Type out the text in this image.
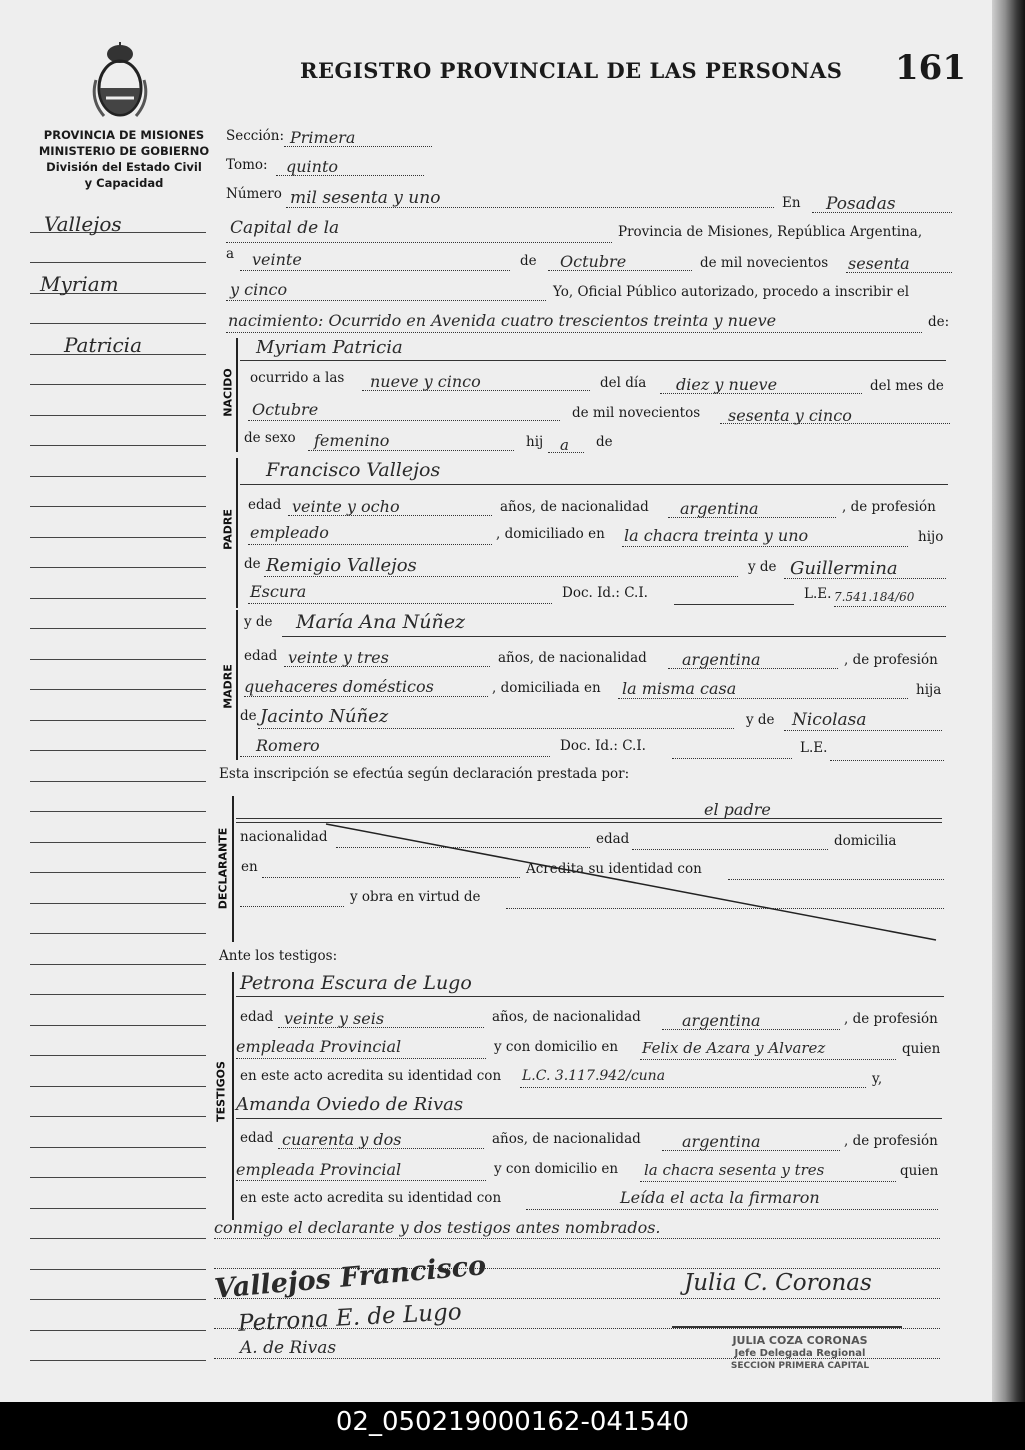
REGISTRO PROVINCIAL DE LAS PERSONAS 161
PROVINCIA DE MISIONES
MINISTERIO DE GOBIERNO
División del Estado Civil
y Capacidad
Vallejos
Myriam
Patricia
Sección: Primera
Tomo: quinto
Número mil sesenta y uno	En Posadas
Capital de la	Provincia de Misiones, República Argentina,
a veinte	de Octubre	de mil novecientos sesenta
y cinco	Yo, Oficial Público autorizado, procedo a inscribir el
nacimiento: Ocurrido en Avenida cuatro trescientos treinta y nueve	de:
NACIDO
Myriam Patricia
ocurrido a las nueve y cinco	del día diez y nueve	del mes de
Octubre	de mil novecientos sesenta y cinco
de sexo femenino	hij a de
PADRE
Francisco Vallejos
edad veinte y ocho	años, de nacionalidad argentina	, de profesión
empleado	, domiciliado en la chacra treinta y uno	hijo
de Remigio Vallejos	y de Guillermina
Escura	Doc. Id.: C.I.	L.E. 7.541.184/60
MADRE
y de María Ana Núñez
edad veinte y tres	años, de nacionalidad argentina	, de profesión
quehaceres domésticos	, domiciliada en la misma casa	hija
de Jacinto Núñez	y de Nicolasa
Romero	Doc. Id.: C.I.	L.E.
Esta inscripción se efectúa según declaración prestada por:
DECLARANTE
el padre
nacionalidad	edad	domicilia
en	Acredita su identidad con
y obra en virtud de
Ante los testigos:
TESTIGOS
Petrona Escura de Lugo
edad veinte y seis	años, de nacionalidad	argentina	, de profesión
empleada Provincial	y con domicilio en Felix de Azara y Alvarez	quien
en este acto acredita su identidad con L.C. 3.117.942/cuna	y,
Amanda Oviedo de Rivas
edad cuarenta y dos	años, de nacionalidad	argentina	, de profesión
empleada Provincial	y con domicilio en la chacra sesenta y tres	quien
en este acto acredita su identidad con	Leída el acta la firmaron
conmigo el declarante y dos testigos antes nombrados.
Vallejos Francisco
Petrona E. de Lugo
A. de Rivas
Julia C. Coronas
JULIA COZA CORONAS
Jefe Delegada Regional
SECCION PRIMERA CAPITAL
02_050219000162-041540
